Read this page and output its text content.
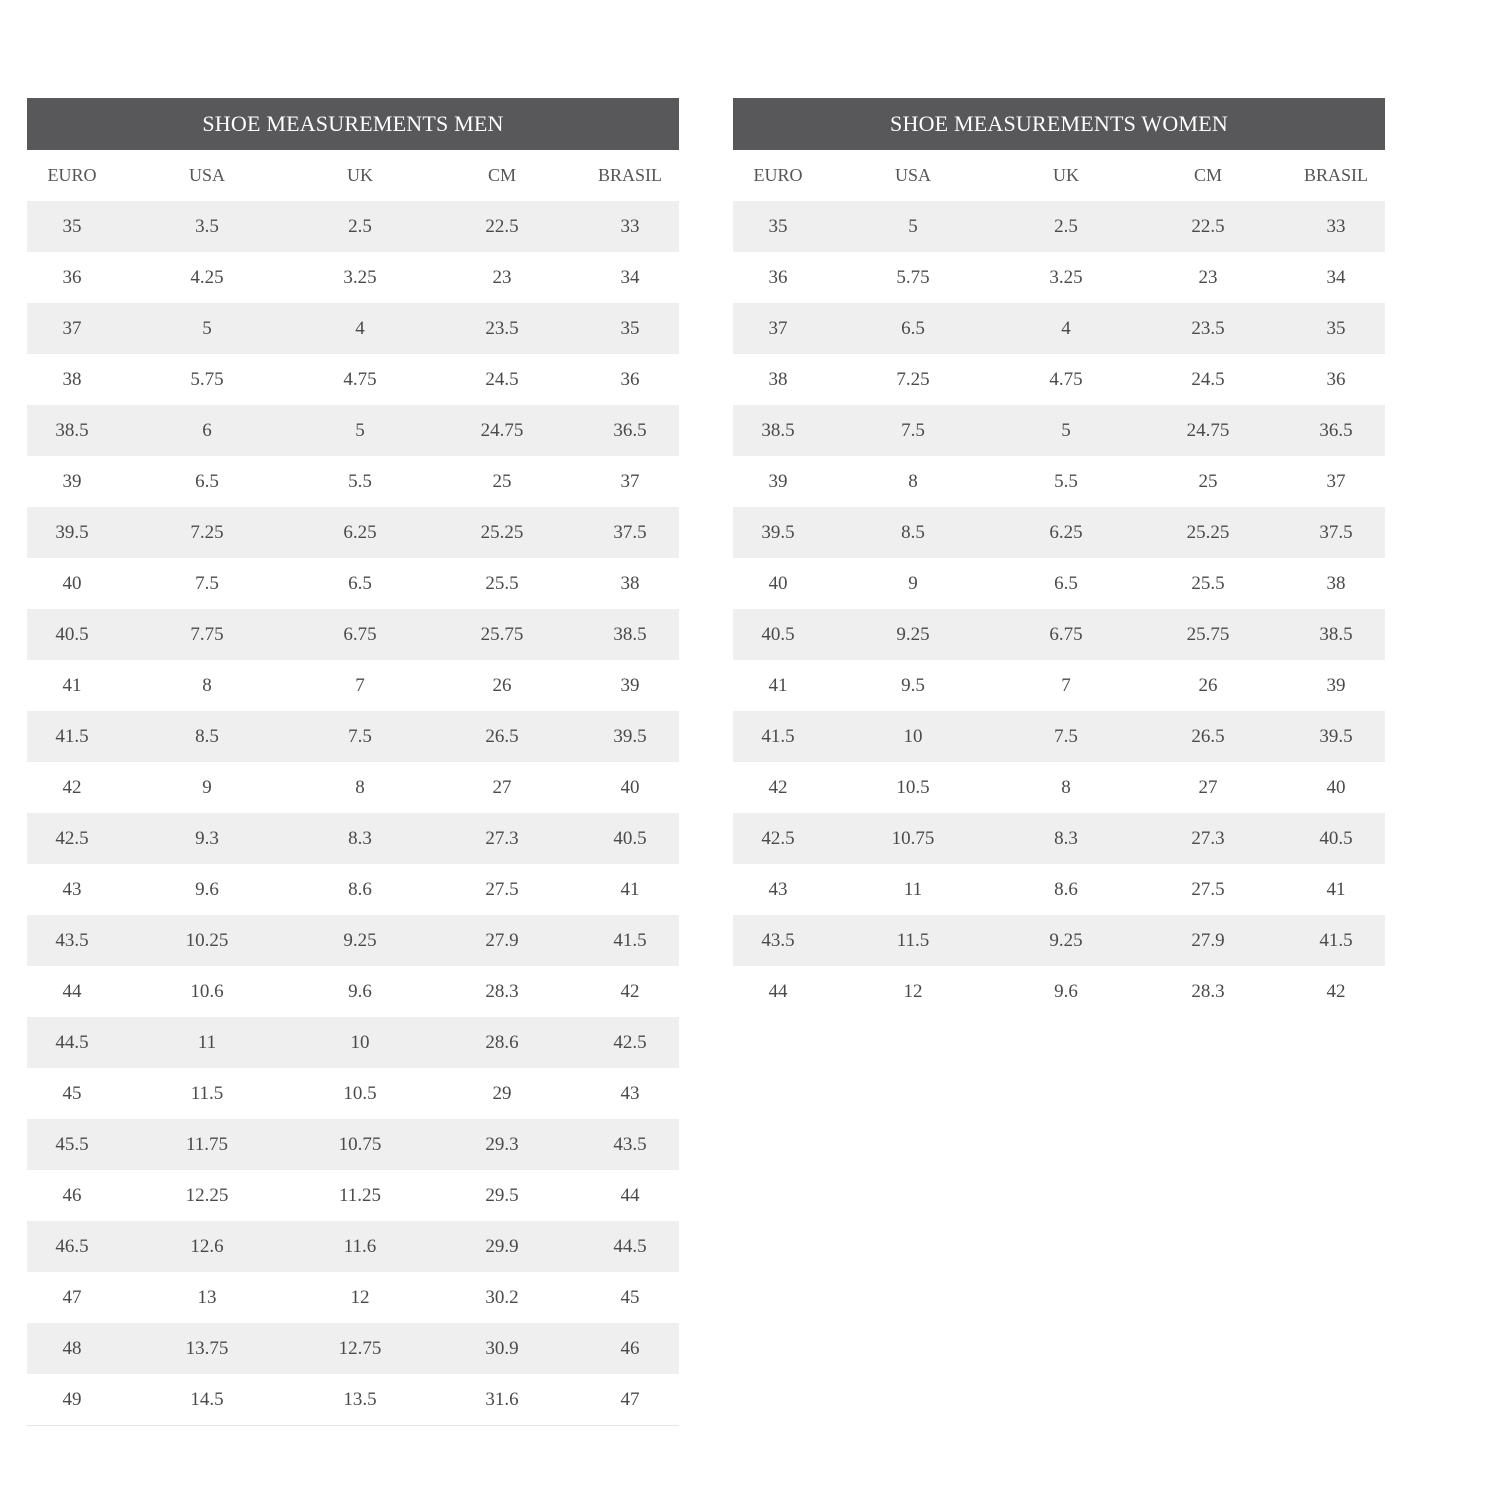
SHOE MEASUREMENTS MEN
EURO	USA	UK	CM	BRASIL
35	3.5	2.5	22.5	33
36	4.25	3.25	23	34
37	5	4	23.5	35
38	5.75	4.75	24.5	36
38.5	6	5	24.75	36.5
39	6.5	5.5	25	37
39.5	7.25	6.25	25.25	37.5
40	7.5	6.5	25.5	38
40.5	7.75	6.75	25.75	38.5
41	8	7	26	39
41.5	8.5	7.5	26.5	39.5
42	9	8	27	40
42.5	9.3	8.3	27.3	40.5
43	9.6	8.6	27.5	41
43.5	10.25	9.25	27.9	41.5
44	10.6	9.6	28.3	42
44.5	11	10	28.6	42.5
45	11.5	10.5	29	43
45.5	11.75	10.75	29.3	43.5
46	12.25	11.25	29.5	44
46.5	12.6	11.6	29.9	44.5
47	13	12	30.2	45
48	13.75	12.75	30.9	46
49	14.5	13.5	31.6	47
SHOE MEASUREMENTS WOMEN
EURO	USA	UK	CM	BRASIL
35	5	2.5	22.5	33
36	5.75	3.25	23	34
37	6.5	4	23.5	35
38	7.25	4.75	24.5	36
38.5	7.5	5	24.75	36.5
39	8	5.5	25	37
39.5	8.5	6.25	25.25	37.5
40	9	6.5	25.5	38
40.5	9.25	6.75	25.75	38.5
41	9.5	7	26	39
41.5	10	7.5	26.5	39.5
42	10.5	8	27	40
42.5	10.75	8.3	27.3	40.5
43	11	8.6	27.5	41
43.5	11.5	9.25	27.9	41.5
44	12	9.6	28.3	42
